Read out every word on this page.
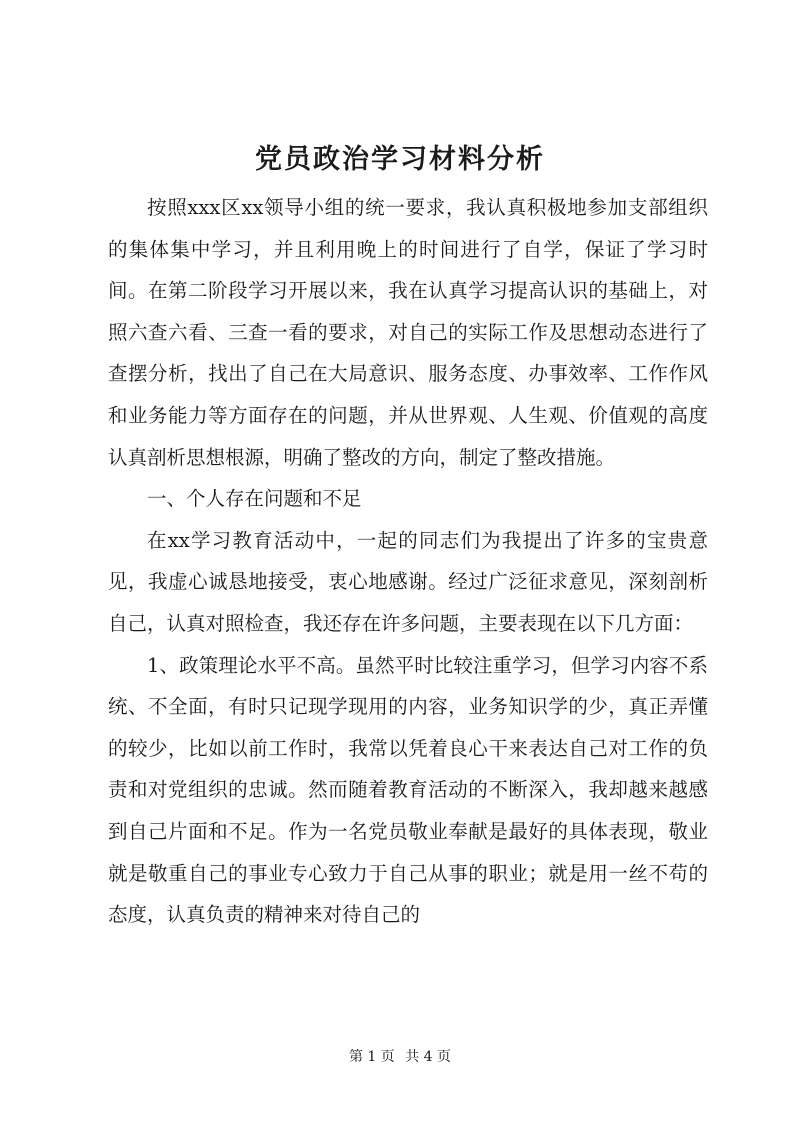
党员政治学习材料分析

按照xxx区xx领导小组的统一要求，我认真积极地参加支部组织的集体集中学习，并且利用晚上的时间进行了自学，保证了学习时间。在第二阶段学习开展以来，我在认真学习提高认识的基础上，对照六查六看、三查一看的要求，对自己的实际工作及思想动态进行了查摆分析，找出了自己在大局意识、服务态度、办事效率、工作作风和业务能力等方面存在的问题，并从世界观、人生观、价值观的高度认真剖析思想根源，明确了整改的方向，制定了整改措施。

一、个人存在问题和不足

在xx学习教育活动中，一起的同志们为我提出了许多的宝贵意见，我虚心诚恳地接受，衷心地感谢。经过广泛征求意见，深刻剖析自己，认真对照检查，我还存在许多问题，主要表现在以下几方面：

1、政策理论水平不高。虽然平时比较注重学习，但学习内容不系统、不全面，有时只记现学现用的内容，业务知识学的少，真正弄懂的较少，比如以前工作时，我常以凭着良心干来表达自己对工作的负责和对党组织的忠诚。然而随着教育活动的不断深入，我却越来越感到自己片面和不足。作为一名党员敬业奉献是最好的具体表现，敬业就是敬重自己的事业专心致力于自己从事的职业；就是用一丝不苟的态度，认真负责的精神来对待自己的

第 1 页 共 4 页
